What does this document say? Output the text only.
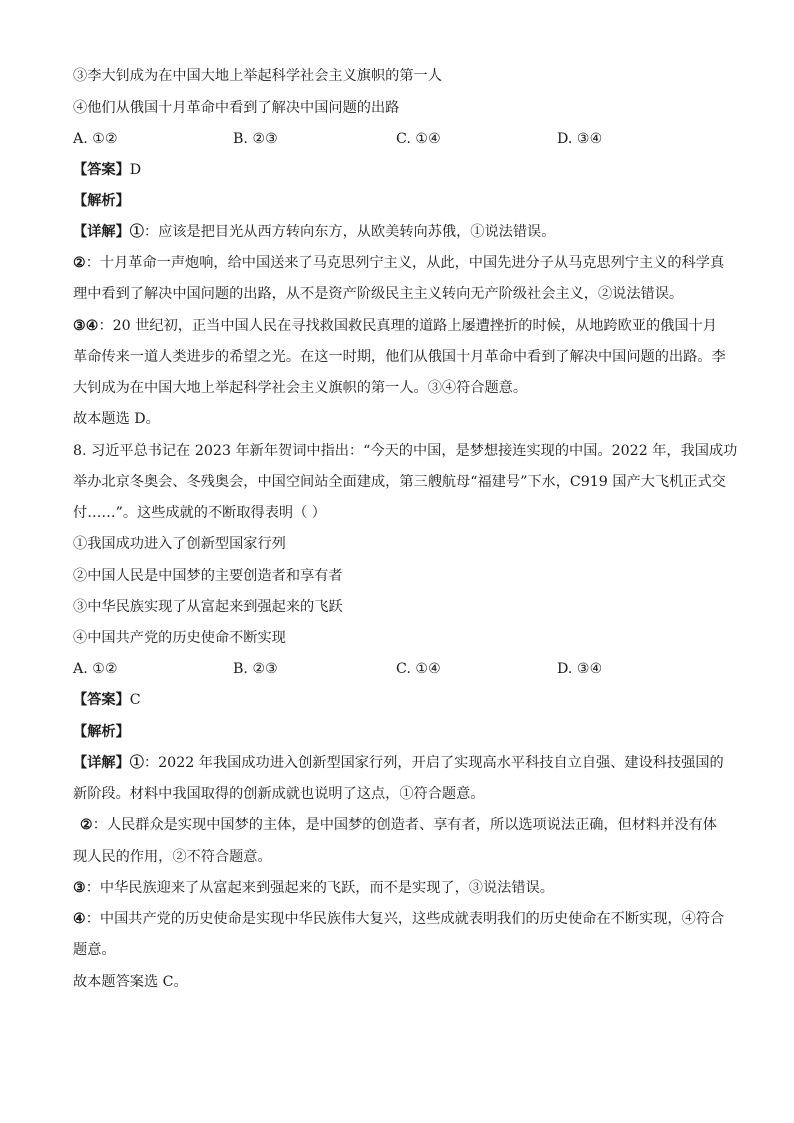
③李大钊成为在中国大地上举起科学社会主义旗帜的第一人
④他们从俄国十月革命中看到了解决中国问题的出路
A. ①②	B. ②③	C. ①④	D. ③④
【答案】D
【解析】
【详解】①：应该是把目光从西方转向东方，从欧美转向苏俄，①说法错误。
②：十月革命一声炮响，给中国送来了马克思列宁主义，从此，中国先进分子从马克思列宁主义的科学真
理中看到了解决中国问题的出路，从不是资产阶级民主主义转向无产阶级社会主义，②说法错误。
③④：20 世纪初，正当中国人民在寻找救国救民真理的道路上屡遭挫折的时候，从地跨欧亚的俄国十月
革命传来一道人类进步的希望之光。在这一时期，他们从俄国十月革命中看到了解决中国问题的出路。李
大钊成为在中国大地上举起科学社会主义旗帜的第一人。③④符合题意。
故本题选 D。
8. 习近平总书记在 2023 年新年贺词中指出：“今天的中国，是梦想接连实现的中国。2022 年，我国成功
举办北京冬奥会、冬残奥会，中国空间站全面建成，第三艘航母“福建号”下水，C919 国产大飞机正式交
付……”。这些成就的不断取得表明（ ）
①我国成功进入了创新型国家行列
②中国人民是中国梦的主要创造者和享有者
③中华民族实现了从富起来到强起来的飞跃
④中国共产党的历史使命不断实现
A. ①②	B. ②③	C. ①④	D. ③④
【答案】C
【解析】
【详解】①：2022 年我国成功进入创新型国家行列，开启了实现高水平科技自立自强、建设科技强国的
新阶段。材料中我国取得的创新成就也说明了这点，①符合题意。
②：人民群众是实现中国梦的主体，是中国梦的创造者、享有者，所以选项说法正确，但材料并没有体
现人民的作用，②不符合题意。
③：中华民族迎来了从富起来到强起来的飞跃，而不是实现了，③说法错误。
④：中国共产党的历史使命是实现中华民族伟大复兴，这些成就表明我们的历史使命在不断实现，④符合
题意。
故本题答案选 C。
